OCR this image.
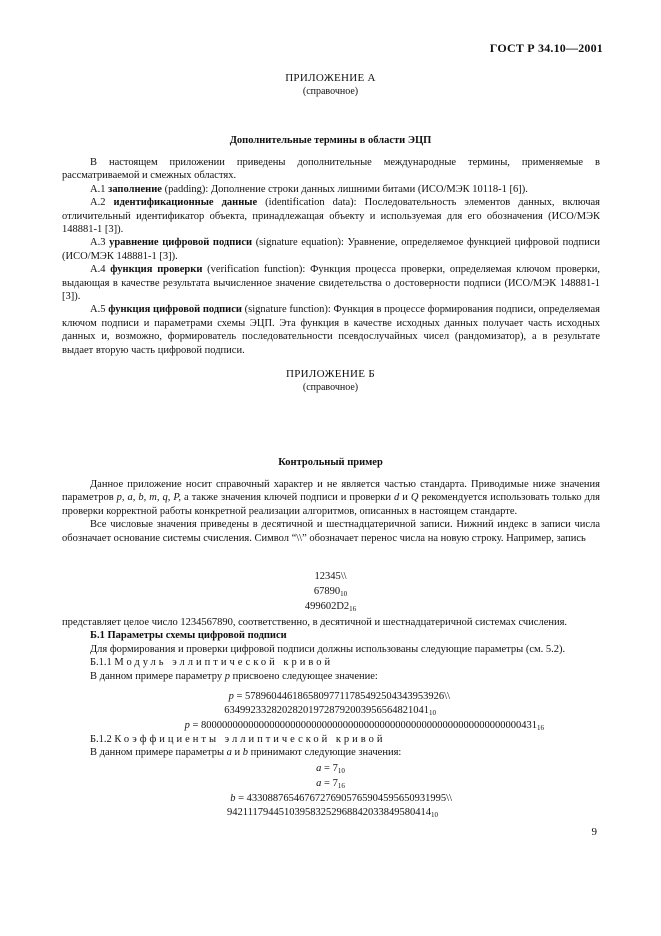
ГОСТ Р 34.10—2001
ПРИЛОЖЕНИЕ А
(справочное)
Дополнительные термины в области ЭЦП

В настоящем приложении приведены дополнительные международные термины, применяемые в рассматриваемой и смежных областях.

А.1 заполнение (padding): Дополнение строки данных лишними битами (ИСО/МЭК 10118-1 [6]).

А.2 идентификационные данные (identification data): Последовательность элементов данных, включая отличительный идентификатор объекта, принадлежащая объекту и используемая для его обозначения (ИСО/МЭК 148881-1 [3]).

А.3 уравнение цифровой подписи (signature equation): Уравнение, определяемое функцией цифровой подписи (ИСО/МЭК 148881-1 [3]).

А.4 функция проверки (verification function): Функция процесса проверки, определяемая ключом проверки, выдающая в качестве результата вычисленное значение свидетельства о достоверности подписи (ИСО/МЭК 148881-1 [3]).

А.5 функция цифровой подписи (signature function): Функция в процессе формирования подписи, определяемая ключом подписи и параметрами схемы ЭЦП. Эта функция в качестве исходных данных получает часть исходных данных и, возможно, формирователь последовательности псевдослучайных чисел (рандомизатор), а в результате выдает вторую часть цифровой подписи.

ПРИЛОЖЕНИЕ Б
(справочное)
Контрольный пример

Данное приложение носит справочный характер и не является частью стандарта. Приводимые ниже значения параметров p, a, b, m, q, P, а также значения ключей подписи и проверки d и Q рекомендуется использовать только для проверки корректной работы конкретной реализации алгоритмов, описанных в настоящем стандарте.

Все числовые значения приведены в десятичной и шестнадцатеричной записи. Нижний индекс в записи числа обозначает основание системы счисления. Символ “\\” обозначает перенос числа на новую строку. Например, запись

12345\\
$67890_{10}$
$499602D2_{16}$

представляет целое число 1234567890, соответственно, в десятичной и шестнадцатеричной системах счисления.

Б.1 Параметры схемы цифровой подписи

Для формирования и проверки цифровой подписи должны использованы следующие параметры (см. 5.2).

Б.1.1 Модуль эллиптической кривой

В данном примере параметру p присвоено следующее значение:

p = 57896044618658097711785492504343953926\\
$634992332820282019728792003956564821041_{10}$
$p = 8000000000000000000000000000000000000000000000000000000000000431_{16}$

Б.1.2 Коэффициенты эллиптической кривой

В данном примере параметры a и b принимают следующие значения:

$a = 7_{10}$
$a = 7_{16}$
b = 43308876546767276905765904595650931995\\
$942111794451039583252968842033849580414_{10}$
9
